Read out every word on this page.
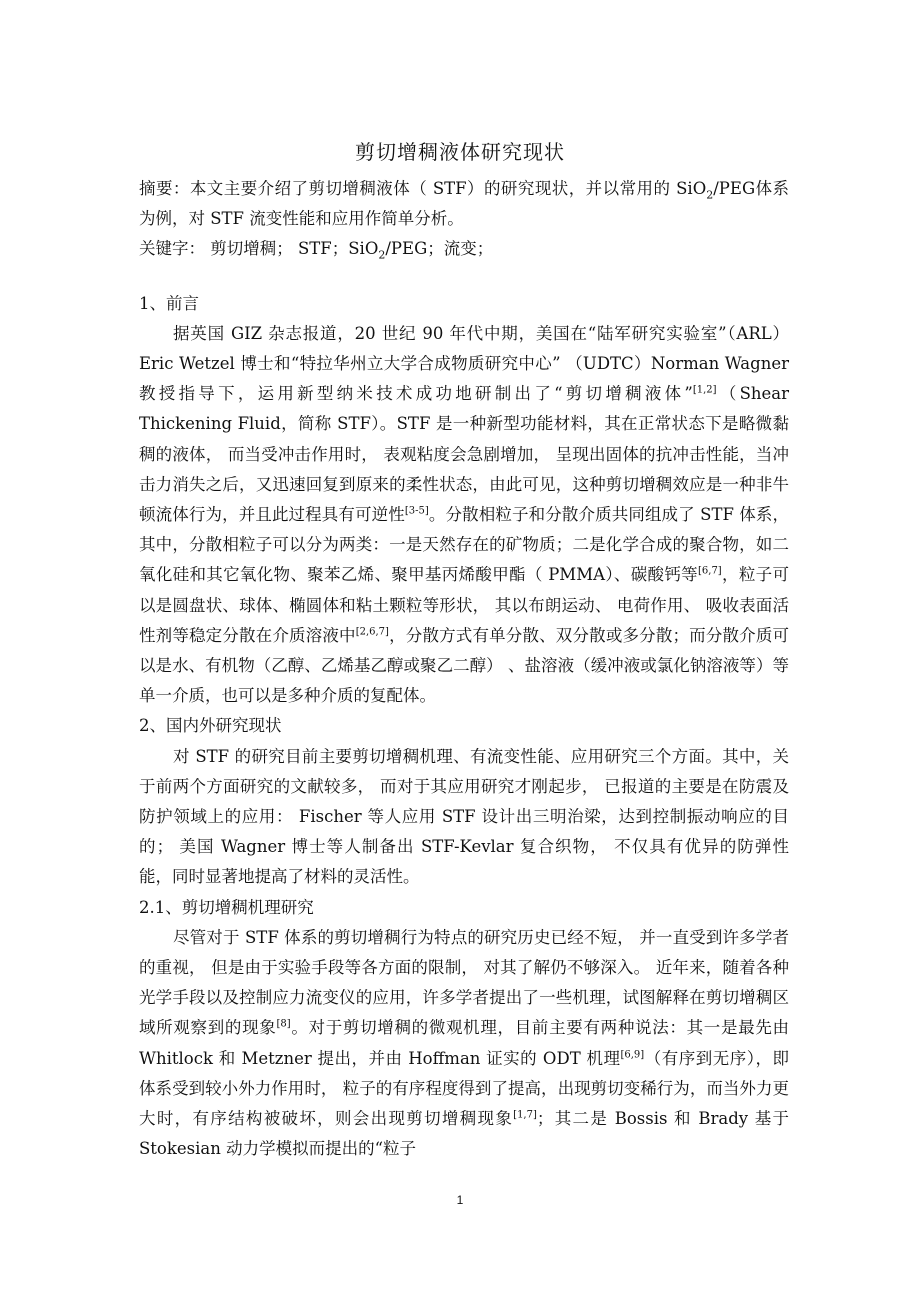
剪切增稠液体研究现状

摘要：本文主要介绍了剪切增稠液体（ STF）的研究现状，并以常用的 SiO$_2$/PEG体系为例，对 STF 流变性能和应用作简单分析。

关键字： 剪切增稠； STF；SiO$_2$/PEG；流变；

1、前言

据英国 GIZ 杂志报道，20 世纪 90 年代中期，美国在“陆军研究实验室”（ARL）Eric Wetzel 博士和“特拉华州立大学合成物质研究中心” （UDTC）Norman Wagner 教授指导下，运用新型纳米技术成功地研制出了“剪切增稠液体”[1,2]（Shear Thickening Fluid，简称 STF）。STF 是一种新型功能材料，其在正常状态下是略微黏稠的液体， 而当受冲击作用时， 表观粘度会急剧增加， 呈现出固体的抗冲击性能，当冲击力消失之后，又迅速回复到原来的柔性状态，由此可见，这种剪切增稠效应是一种非牛顿流体行为，并且此过程具有可逆性[3-5]。分散相粒子和分散介质共同组成了 STF 体系，其中，分散相粒子可以分为两类：一是天然存在的矿物质；二是化学合成的聚合物，如二氧化硅和其它氧化物、聚苯乙烯、聚甲基丙烯酸甲酯（ PMMA）、碳酸钙等[6,7]，粒子可以是圆盘状、球体、椭圆体和粘土颗粒等形状， 其以布朗运动、 电荷作用、 吸收表面活性剂等稳定分散在介质溶液中[2,6,7]，分散方式有单分散、双分散或多分散；而分散介质可以是水、有机物（乙醇、乙烯基乙醇或聚乙二醇） 、盐溶液（缓冲液或氯化钠溶液等）等单一介质，也可以是多种介质的复配体。

2、国内外研究现状

对 STF 的研究目前主要剪切增稠机理、有流变性能、应用研究三个方面。其中，关于前两个方面研究的文献较多， 而对于其应用研究才刚起步， 已报道的主要是在防震及防护领域上的应用： Fischer 等人应用 STF 设计出三明治梁，达到控制振动响应的目的； 美国 Wagner 博士等人制备出 STF-Kevlar 复合织物， 不仅具有优异的防弹性能，同时显著地提高了材料的灵活性。

2.1、剪切增稠机理研究

尽管对于 STF 体系的剪切增稠行为特点的研究历史已经不短， 并一直受到许多学者的重视， 但是由于实验手段等各方面的限制， 对其了解仍不够深入。 近年来，随着各种光学手段以及控制应力流变仪的应用，许多学者提出了一些机理，试图解释在剪切增稠区域所观察到的现象[8]。对于剪切增稠的微观机理，目前主要有两种说法：其一是最先由 Whitlock 和 Metzner 提出，并由 Hoffman 证实的 ODT 机理[6,9]（有序到无序），即体系受到较小外力作用时， 粒子的有序程度得到了提高，出现剪切变稀行为，而当外力更大时，有序结构被破坏，则会出现剪切增稠现象[1,7]；其二是 Bossis 和 Brady 基于 Stokesian 动力学模拟而提出的“粒子

1
